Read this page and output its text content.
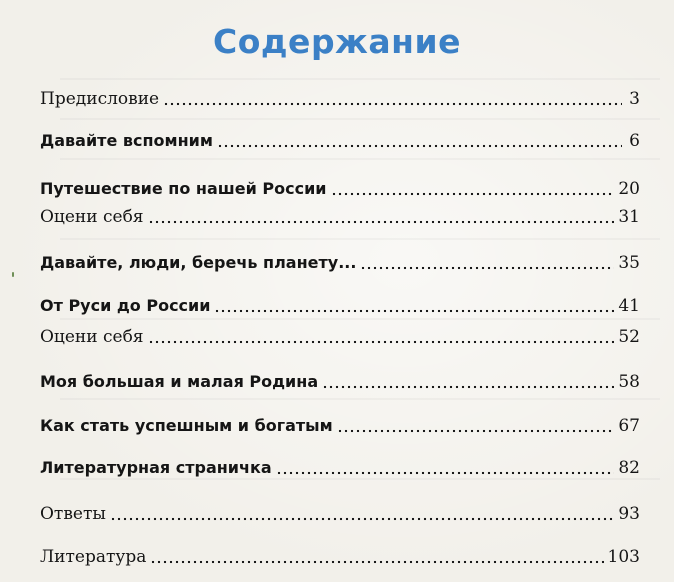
Содержание
Предисловие	3
Давайте вспомним	6
Путешествие по нашей России	20
Оцени себя	31
Давайте, люди, беречь планету...	35
От Руси до России	41
Оцени себя	52
Моя большая и малая Родина	58
Как стать успешным и богатым	67
Литературная страничка	82
Ответы	93
Литература	103
